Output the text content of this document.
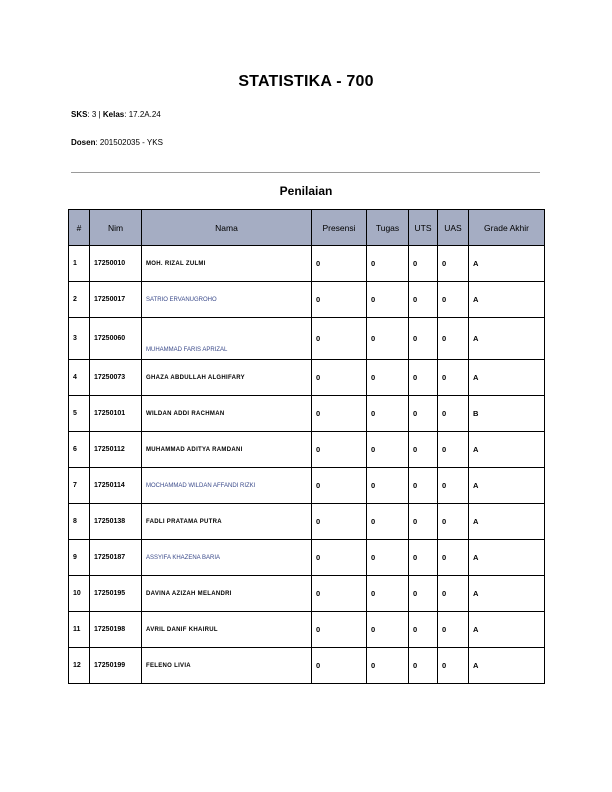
STATISTIKA - 700
SKS: 3 | Kelas: 17.2A.24
Dosen: 201502035 - YKS
Penilaian
#	Nim	Nama	Presensi	Tugas	UTS	UAS	Grade Akhir
1	17250010	MOH. RIZAL ZULMI	0	0	0	0	A
2	17250017	SATRIO ERVANUGROHO	0	0	0	0	A
3	17250060	MUHAMMAD FARIS APRIZAL	0	0	0	0	A
4	17250073	GHAZA ABDULLAH ALGHIFARY	0	0	0	0	A
5	17250101	WILDAN ADDI RACHMAN	0	0	0	0	B
6	17250112	MUHAMMAD ADITYA RAMDANI	0	0	0	0	A
7	17250114	MOCHAMMAD WILDAN AFFANDI RIZKI	0	0	0	0	A
8	17250138	FADLI PRATAMA PUTRA	0	0	0	0	A
9	17250187	ASSYIFA KHAZENA BARIA	0	0	0	0	A
10	17250195	DAVINA AZIZAH MELANDRI	0	0	0	0	A
11	17250198	AVRIL DANIF KHAIRUL	0	0	0	0	A
12	17250199	FELENO LIVIA	0	0	0	0	A
